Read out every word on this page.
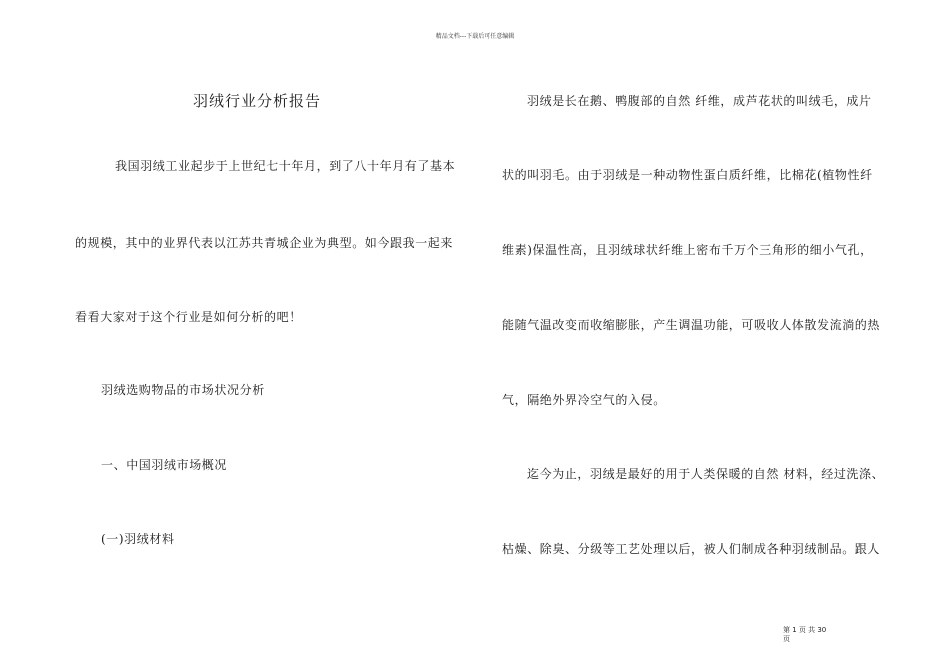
精品文档---下载后可任意编辑
羽绒行业分析报告
我国羽绒工业起步于上世纪七十年月，到了八十年月有了基本
的规模，其中的业界代表以江苏共青城企业为典型。如今跟我一起来
看看大家对于这个行业是如何分析的吧！
羽绒选购物品的市场状况分析
一、中国羽绒市场概况
(一)羽绒材料
羽绒是长在鹅、鸭腹部的自然 纤维，成芦花状的叫绒毛，成片
状的叫羽毛。由于羽绒是一种动物性蛋白质纤维，比棉花(植物性纤
维素)保温性高，且羽绒球状纤维上密布千万个三角形的细小气孔，
能随气温改变而收缩膨胀，产生调温功能，可吸收人体散发流淌的热
气，隔绝外界冷空气的入侵。
迄今为止，羽绒是最好的用于人类保暖的自然 材料，经过洗涤、
枯燥、除臭、分级等工艺处理以后，被人们制成各种羽绒制品。跟人
第 1 页 共 30
页
